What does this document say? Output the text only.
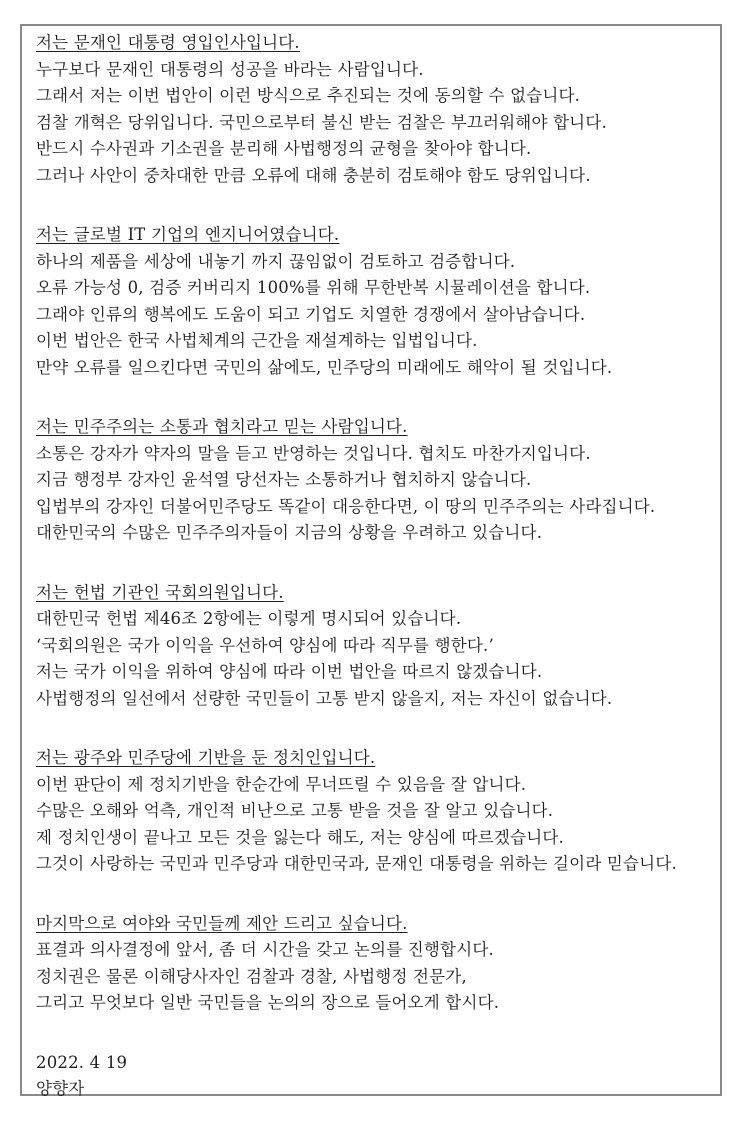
저는 문재인 대통령 영입인사입니다.
누구보다 문재인 대통령의 성공을 바라는 사람입니다.
그래서 저는 이번 법안이 이런 방식으로 추진되는 것에 동의할 수 없습니다.
검찰 개혁은 당위입니다. 국민으로부터 불신 받는 검찰은 부끄러워해야 합니다.
반드시 수사권과 기소권을 분리해 사법행정의 균형을 찾아야 합니다.
그러나 사안이 중차대한 만큼 오류에 대해 충분히 검토해야 함도 당위입니다.
저는 글로벌 IT 기업의 엔지니어였습니다.
하나의 제품을 세상에 내놓기 까지 끊임없이 검토하고 검증합니다.
오류 가능성 0, 검증 커버리지 100%를 위해 무한반복 시뮬레이션을 합니다.
그래야 인류의 행복에도 도움이 되고 기업도 치열한 경쟁에서 살아남습니다.
이번 법안은 한국 사법체계의 근간을 재설계하는 입법입니다.
만약 오류를 일으킨다면 국민의 삶에도, 민주당의 미래에도 해악이 될 것입니다.
저는 민주주의는 소통과 협치라고 믿는 사람입니다.
소통은 강자가 약자의 말을 듣고 반영하는 것입니다. 협치도 마찬가지입니다.
지금 행정부 강자인 윤석열 당선자는 소통하거나 협치하지 않습니다.
입법부의 강자인 더불어민주당도 똑같이 대응한다면, 이 땅의 민주주의는 사라집니다.
대한민국의 수많은 민주주의자들이 지금의 상황을 우려하고 있습니다.
저는 헌법 기관인 국회의원입니다.
대한민국 헌법 제46조 2항에는 이렇게 명시되어 있습니다.
‘국회의원은 국가 이익을 우선하여 양심에 따라 직무를 행한다.’
저는 국가 이익을 위하여 양심에 따라 이번 법안을 따르지 않겠습니다.
사법행정의 일선에서 선량한 국민들이 고통 받지 않을지, 저는 자신이 없습니다.
저는 광주와 민주당에 기반을 둔 정치인입니다.
이번 판단이 제 정치기반을 한순간에 무너뜨릴 수 있음을 잘 압니다.
수많은 오해와 억측, 개인적 비난으로 고통 받을 것을 잘 알고 있습니다.
제 정치인생이 끝나고 모든 것을 잃는다 해도, 저는 양심에 따르겠습니다.
그것이 사랑하는 국민과 민주당과 대한민국과, 문재인 대통령을 위하는 길이라 믿습니다.
마지막으로 여야와 국민들께 제안 드리고 싶습니다.
표결과 의사결정에 앞서, 좀 더 시간을 갖고 논의를 진행합시다.
정치권은 물론 이해당사자인 검찰과 경찰, 사법행정 전문가,
그리고 무엇보다 일반 국민들을 논의의 장으로 들어오게 합시다.
2022. 4 19
양향자
